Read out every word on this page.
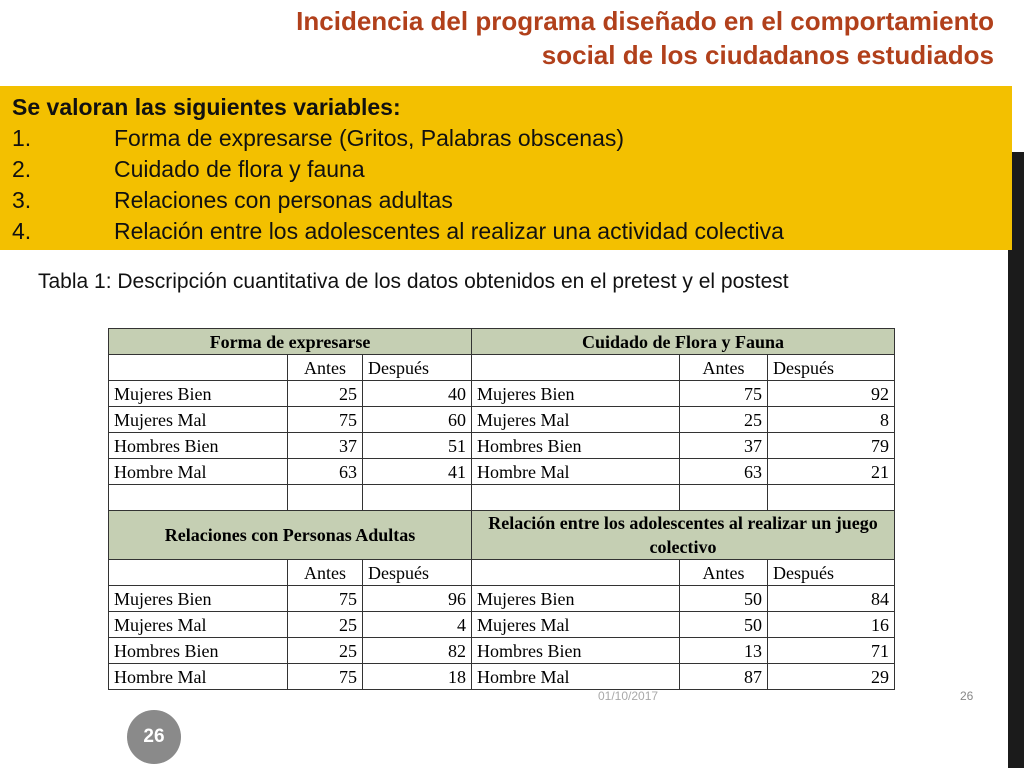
Incidencia del programa diseñado en el comportamiento
social de los ciudadanos estudiados
Se valoran las siguientes variables:
1.	Forma de expresarse (Gritos, Palabras obscenas)
2.	Cuidado de flora y fauna
3.	Relaciones con personas adultas
4.	Relación entre los adolescentes al realizar una actividad colectiva
Tabla 1: Descripción cuantitativa de los datos obtenidos en el pretest y el postest
Forma de expresarse			Cuidado de Flora y Fauna		
	Antes	Después		Antes	Después
Mujeres Bien	25	40	Mujeres Bien	75	92
Mujeres Mal	75	60	Mujeres Mal	25	8
Hombres Bien	37	51	Hombres Bien	37	79
Hombre Mal	63	41	Hombre Mal	63	21

Relaciones con Personas Adultas			Relación entre los adolescentes al realizar un juego colectivo		
	Antes	Después		Antes	Después
Mujeres Bien	75	96	Mujeres Bien	50	84
Mujeres Mal	25	4	Mujeres Mal	50	16
Hombres Bien	25	82	Hombres Bien	13	71
Hombre Mal	75	18	Hombre Mal	87	29
01/10/2017	26
26
